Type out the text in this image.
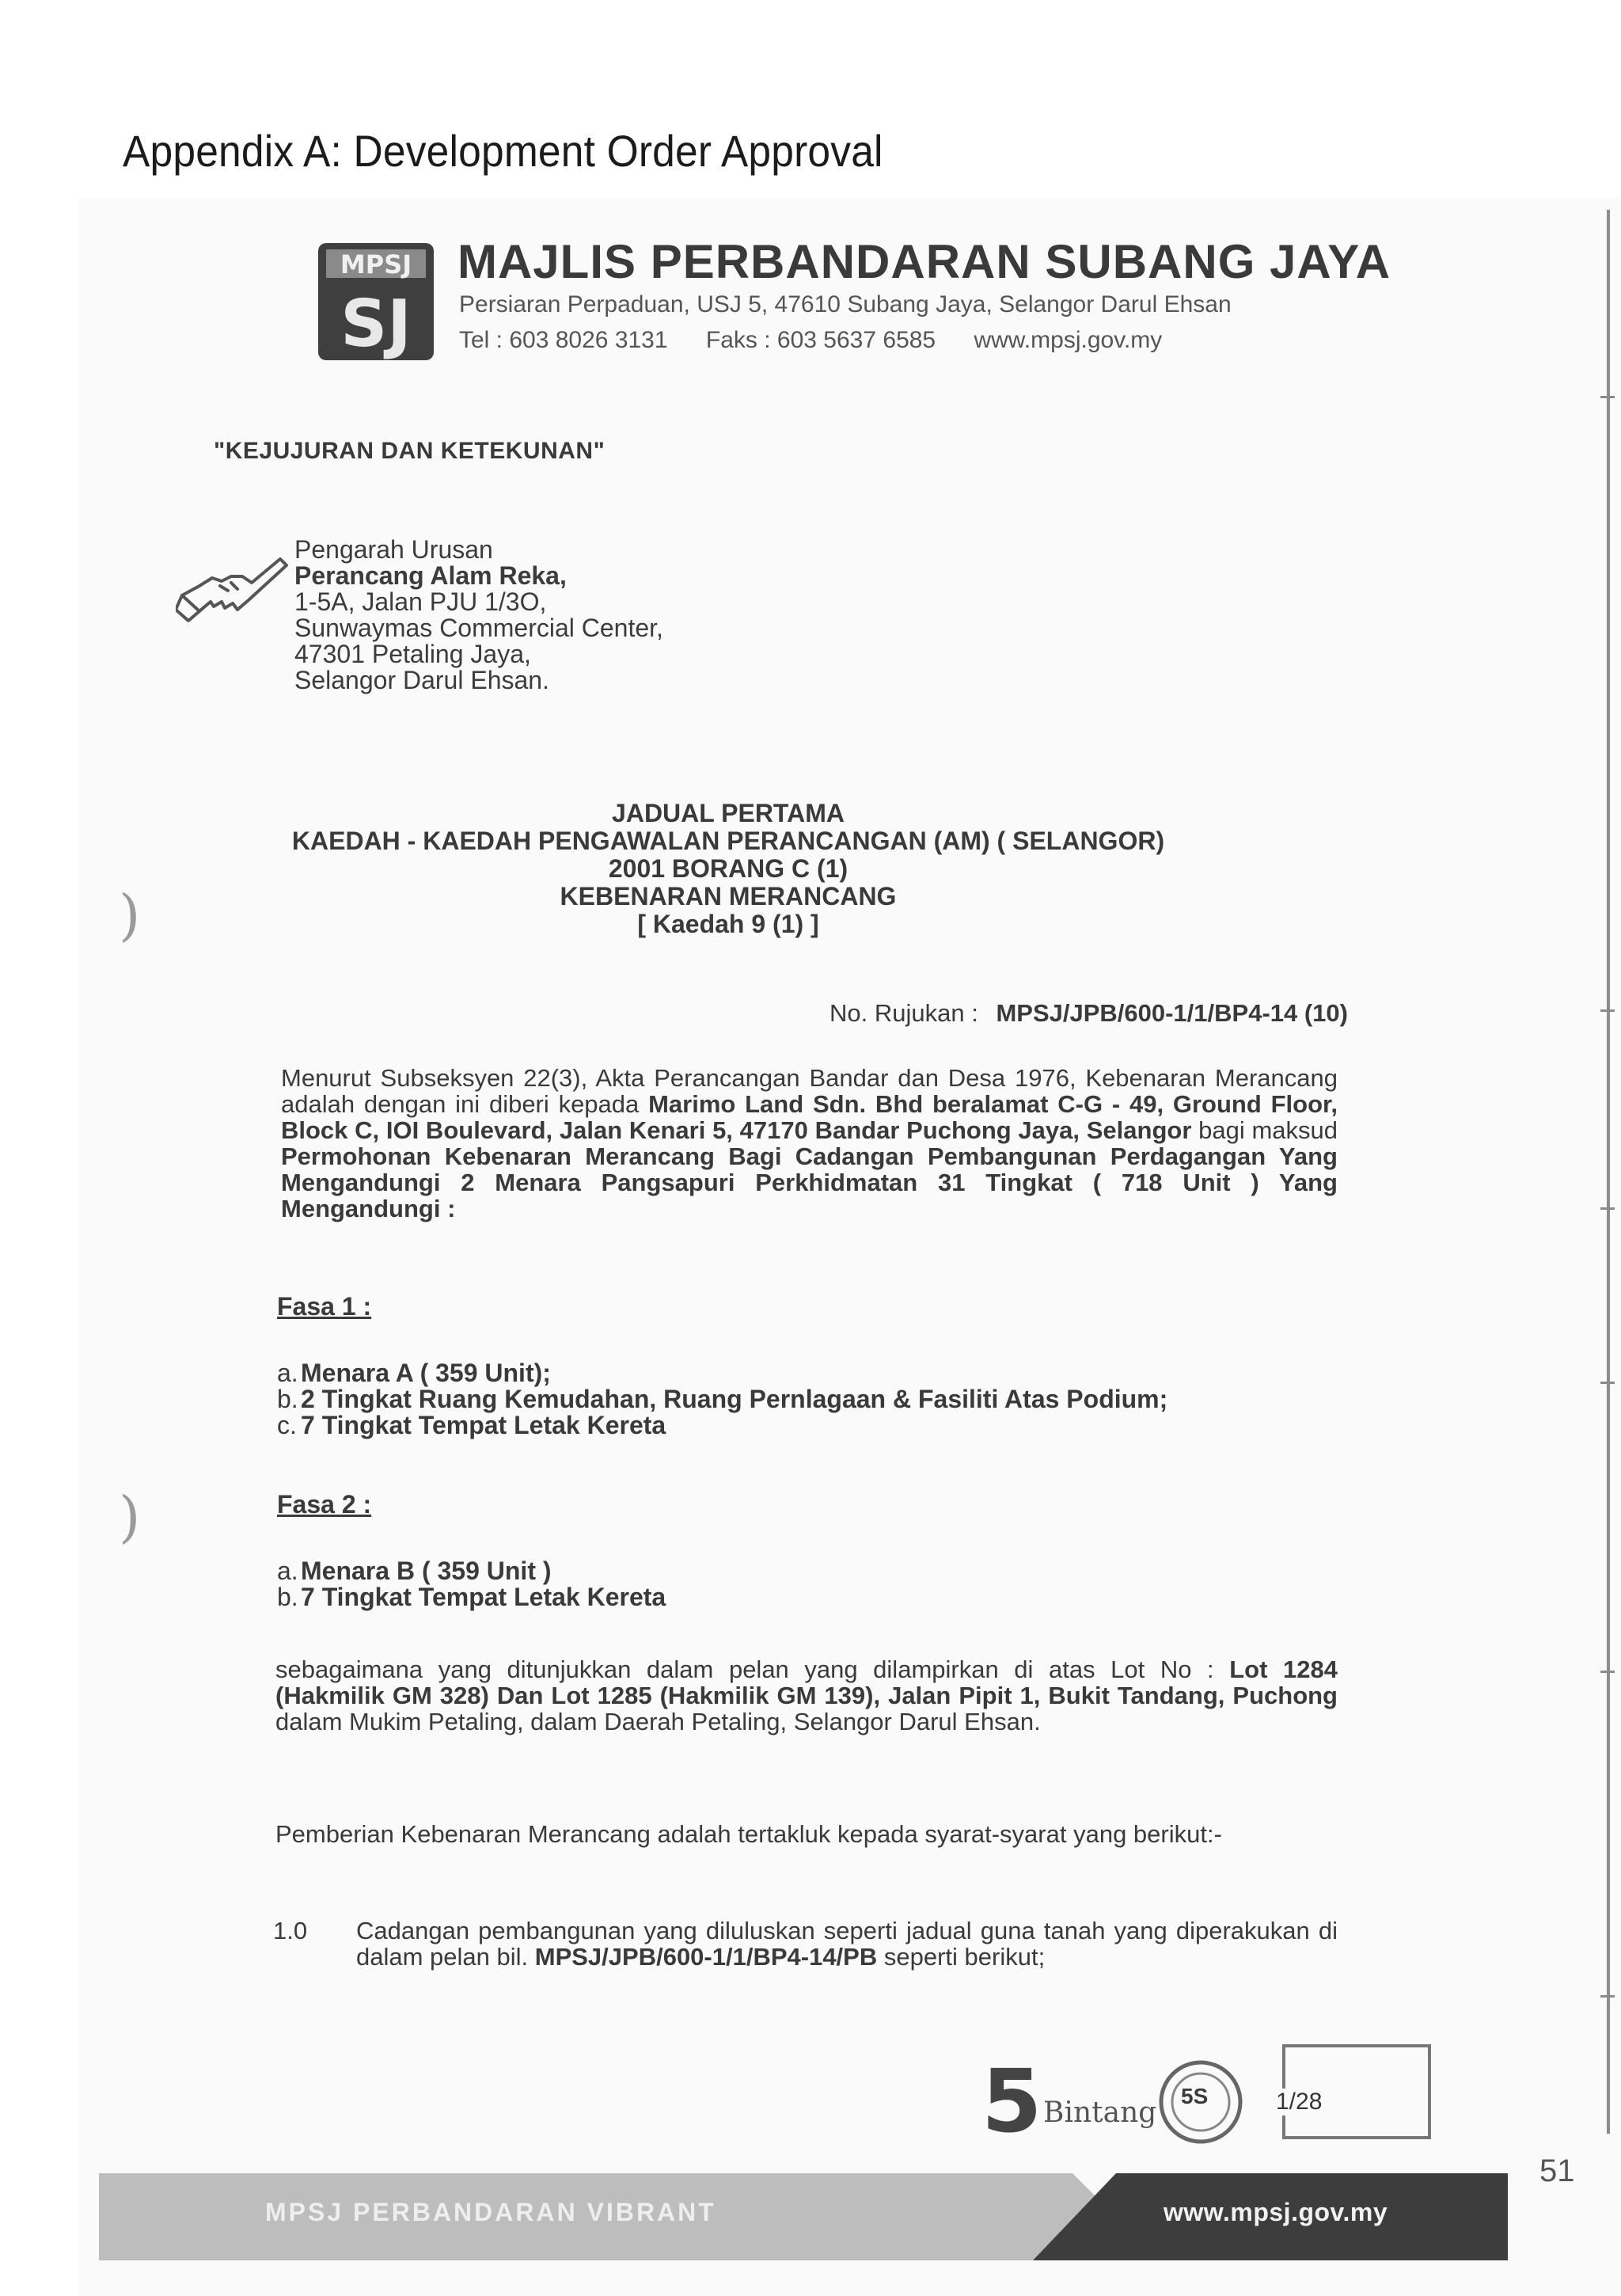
Appendix A: Development Order Approval
MPSJ
SJ
MAJLIS PERBANDARAN SUBANG JAYA
Persiaran Perpaduan, USJ 5, 47610 Subang Jaya, Selangor Darul Ehsan
Tel : 603 8026 3131 Faks : 603 5637 6585 www.mpsj.gov.my
"KEJUJURAN DAN KETEKUNAN"
Pengarah Urusan
Perancang Alam Reka,
1-5A, Jalan PJU 1/3O,
Sunwaymas Commercial Center,
47301 Petaling Jaya,
Selangor Darul Ehsan.
JADUAL PERTAMA
KAEDAH - KAEDAH PENGAWALAN PERANCANGAN (AM) ( SELANGOR)
2001 BORANG C (1)
KEBENARAN MERANCANG
[ Kaedah 9 (1) ]
No. Rujukan : MPSJ/JPB/600-1/1/BP4-14 (10)
Menurut Subseksyen 22(3), Akta Perancangan Bandar dan Desa 1976, Kebenaran Merancang adalah dengan ini diberi kepada Marimo Land Sdn. Bhd beralamat C-G - 49, Ground Floor, Block C, IOI Boulevard, Jalan Kenari 5, 47170 Bandar Puchong Jaya, Selangor bagi maksud Permohonan Kebenaran Merancang Bagi Cadangan Pembangunan Perdagangan Yang Mengandungi 2 Menara Pangsapuri Perkhidmatan 31 Tingkat ( 718 Unit ) Yang Mengandungi :
Fasa 1 :
a. Menara A ( 359 Unit);
b. 2 Tingkat Ruang Kemudahan, Ruang Pernlagaan & Fasiliti Atas Podium;
c. 7 Tingkat Tempat Letak Kereta
Fasa 2 :
a. Menara B ( 359 Unit )
b. 7 Tingkat Tempat Letak Kereta
sebagaimana yang ditunjukkan dalam pelan yang dilampirkan di atas Lot No : Lot 1284 (Hakmilik GM 328) Dan Lot 1285 (Hakmilik GM 139), Jalan Pipit 1, Bukit Tandang, Puchong dalam Mukim Petaling, dalam Daerah Petaling, Selangor Darul Ehsan.
Pemberian Kebenaran Merancang adalah tertakluk kepada syarat-syarat yang berikut:-
1.0 Cadangan pembangunan yang diluluskan seperti jadual guna tanah yang diperakukan di dalam pelan bil. MPSJ/JPB/600-1/1/BP4-14/PB seperti berikut;
)
)
5 Bintang
5S	1/28
51
MPSJ PERBANDARAN VIBRANT	www.mpsj.gov.my
